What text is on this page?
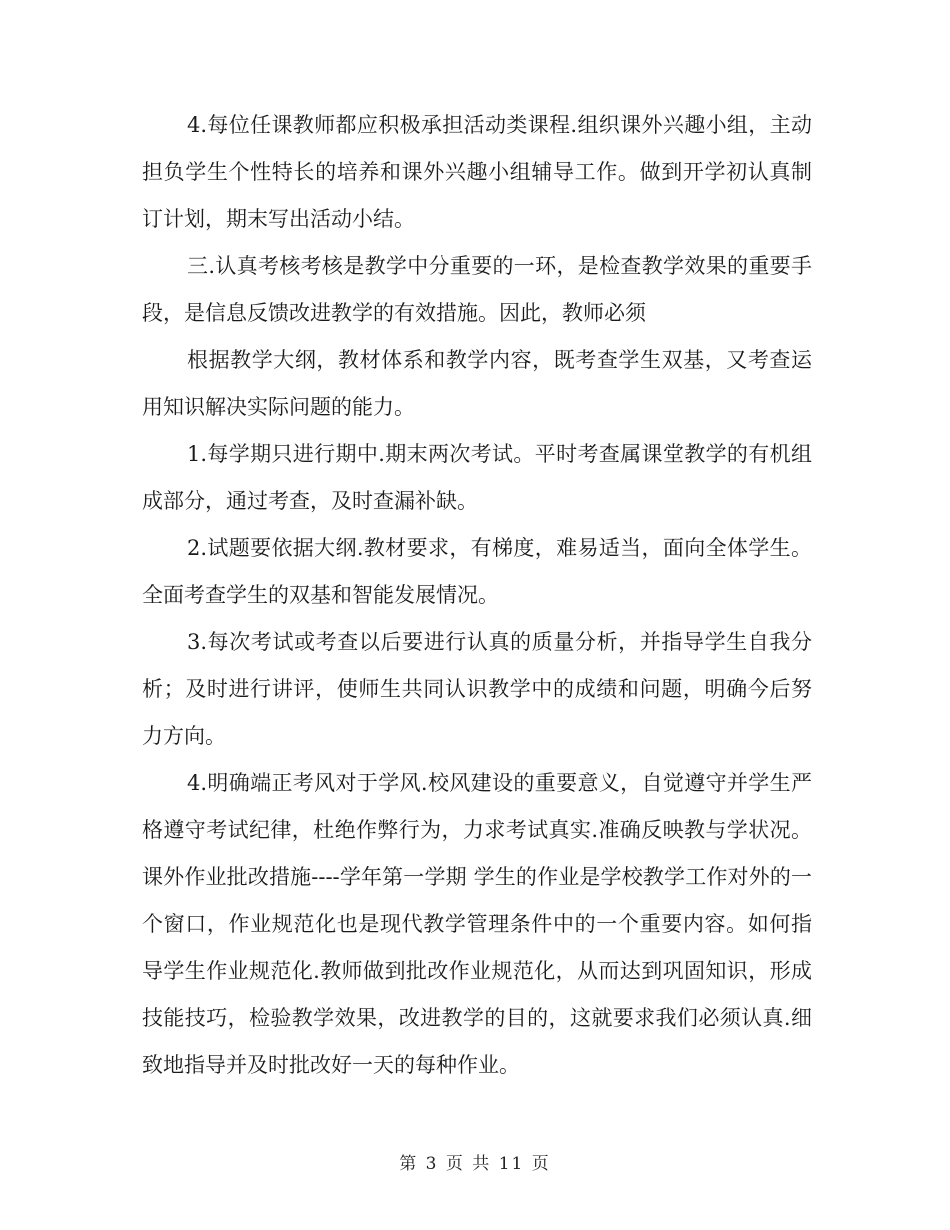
4.每位任课教师都应积极承担活动类课程.组织课外兴趣小组，主动担负学生个性特长的培养和课外兴趣小组辅导工作。做到开学初认真制订计划，期末写出活动小结。

三.认真考核考核是教学中分重要的一环，是检查教学效果的重要手段，是信息反馈改进教学的有效措施。因此，教师必须

根据教学大纲，教材体系和教学内容，既考查学生双基，又考查运用知识解决实际问题的能力。

1.每学期只进行期中.期末两次考试。平时考查属课堂教学的有机组成部分，通过考查，及时查漏补缺。

2.试题要依据大纲.教材要求，有梯度，难易适当，面向全体学生。全面考查学生的双基和智能发展情况。

3.每次考试或考查以后要进行认真的质量分析，并指导学生自我分析；及时进行讲评，使师生共同认识教学中的成绩和问题，明确今后努力方向。

4.明确端正考风对于学风.校风建设的重要意义，自觉遵守并学生严格遵守考试纪律，杜绝作弊行为，力求考试真实.准确反映教与学状况。课外作业批改措施----学年第一学期 学生的作业是学校教学工作对外的一个窗口，作业规范化也是现代教学管理条件中的一个重要内容。如何指导学生作业规范化.教师做到批改作业规范化，从而达到巩固知识，形成技能技巧，检验教学效果，改进教学的目的，这就要求我们必须认真.细致地指导并及时批改好一天的每种作业。

第 3 页 共 11 页
